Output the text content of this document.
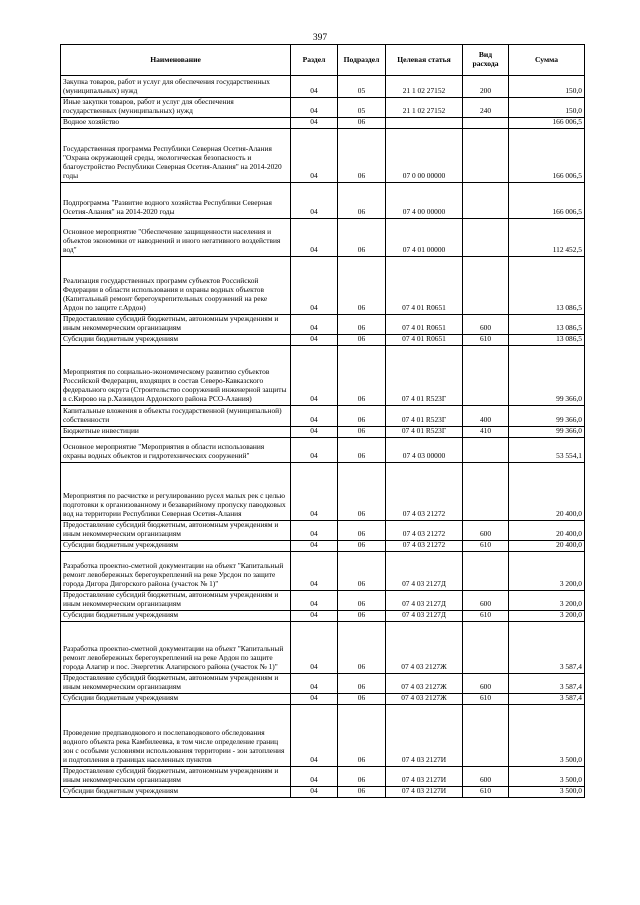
397
Наименование	Раздел	Подраздел	Целевая статья	Вид расхода	Сумма
Закупка товаров, работ и услуг для обеспечения государственных (муниципальных) нужд	04	05	21 1 02 27152	200	150,0
Иные закупки товаров, работ и услуг для обеспечения государственных (муниципальных) нужд	04	05	21 1 02 27152	240	150,0
Водное хозяйство	04	06			166 006,5
Государственная программа Республики Северная Осетия-Алания "Охрана окружающей среды, экологическая безопасность и благоустройство Республики Северная Осетия-Алания" на 2014-2020 годы	04	06	07 0 00 00000		166 006,5
Подпрограмма "Развитие водного хозяйства Республики Северная Осетия-Алания" на 2014-2020 годы	04	06	07 4 00 00000		166 006,5
Основное мероприятие "Обеспечение защищенности населения и объектов экономики от наводнений и иного негативного воздействия вод"	04	06	07 4 01 00000		112 452,5
Реализация государственных программ субъектов Российской Федерации в области использования и охраны водных объектов (Капитальный ремонт берегоукрепительных сооружений на реке Ардон по защите г.Ардон)	04	06	07 4 01 R0651		13 086,5
Предоставление субсидий бюджетным, автономным учреждениям и иным некоммерческим организациям	04	06	07 4 01 R0651	600	13 086,5
Субсидии бюджетным учреждениям	04	06	07 4 01 R0651	610	13 086,5
Мероприятия по социально-экономическому развитию субъектов Российской Федерации, входящих в состав Северо-Кавказского федерального округа (Строительство сооружений инженерной защиты в с.Кирово на р.Хазнидон Ардонского района РСО-Алания)	04	06	07 4 01 R523Г		99 366,0
Капитальные вложения в объекты государственной (муниципальной) собственности	04	06	07 4 01 R523Г	400	99 366,0
Бюджетные инвестиции	04	06	07 4 01 R523Г	410	99 366,0
Основное мероприятие "Мероприятия в области использования охраны водных объектов и гидротехнических сооружений"	04	06	07 4 03 00000		53 554,1
Мероприятия по расчистке и регулированию русел малых рек с целью подготовки к организованному и безаварийному пропуску паводковых вод на территории Республики Северная Осетия-Алания	04	06	07 4 03 21272		20 400,0
Предоставление субсидий бюджетным, автономным учреждениям и иным некоммерческим организациям	04	06	07 4 03 21272	600	20 400,0
Субсидии бюджетным учреждениям	04	06	07 4 03 21272	610	20 400,0
Разработка проектно-сметной документации на объект "Капитальный ремонт левобережных берегоукреплений на реке Урсдон по защите города Дигора Дигорского района (участок № 1)"	04	06	07 4 03 2127Д		3 200,0
Предоставление субсидий бюджетным, автономным учреждениям и иным некоммерческим организациям	04	06	07 4 03 2127Д	600	3 200,0
Субсидии бюджетным учреждениям	04	06	07 4 03 2127Д	610	3 200,0
Разработка проектно-сметной документации на объект "Капитальный ремонт левобережных берегоукреплений на реке Ардон по защите города Алагир и пос. Энергетик Алагирского района (участок № 1)"	04	06	07 4 03 2127Ж		3 587,4
Предоставление субсидий бюджетным, автономным учреждениям и иным некоммерческим организациям	04	06	07 4 03 2127Ж	600	3 587,4
Субсидии бюджетным учреждениям	04	06	07 4 03 2127Ж	610	3 587,4
Проведение предпаводкового и послепаводкового обследования водного объекта река Камбилеевка, в том числе определение границ зон с особыми условиями использования территории - зон затопления и подтопления в границах населенных пунктов	04	06	07 4 03 2127И		3 500,0
Предоставление субсидий бюджетным, автономным учреждениям и иным некоммерческим организациям	04	06	07 4 03 2127И	600	3 500,0
Субсидии бюджетным учреждениям	04	06	07 4 03 2127И	610	3 500,0
